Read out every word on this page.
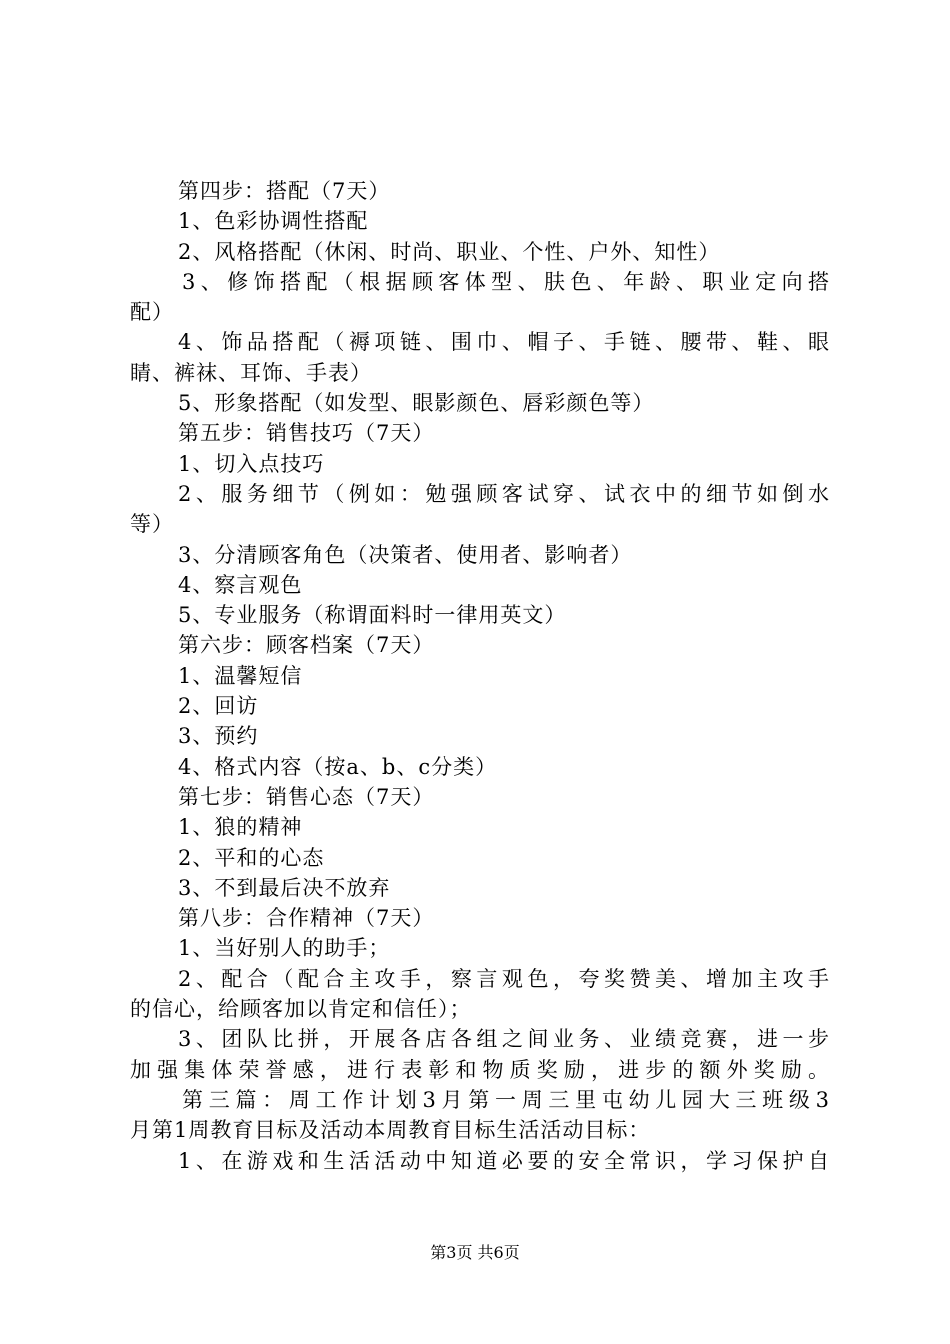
第四步：搭配（7天）
1、色彩协调性搭配
2、风格搭配（休闲、时尚、职业、个性、户外、知性）
3、修饰搭配（根据顾客体型、肤色、年龄、职业定向搭
配）
4、饰品搭配（褥项链、围巾、帽子、手链、腰带、鞋、眼
睛、裤袜、耳饰、手表）
5、形象搭配（如发型、眼影颜色、唇彩颜色等）
第五步：销售技巧（7天）
1、切入点技巧
2、服务细节（例如：勉强顾客试穿、试衣中的细节如倒水
等）
3、分清顾客角色（决策者、使用者、影响者）
4、察言观色
5、专业服务（称谓面料时一律用英文）
第六步：顾客档案（7天）
1、温馨短信
2、回访
3、预约
4、格式内容（按a、b、c分类）
第七步：销售心态（7天）
1、狼的精神
2、平和的心态
3、不到最后决不放弃
第八步：合作精神（7天）
1、当好别人的助手；
2、配合（配合主攻手，察言观色，夸奖赞美、增加主攻手
的信心，给顾客加以肯定和信任）；
3、团队比拼，开展各店各组之间业务、业绩竞赛，进一步
加强集体荣誉感，进行表彰和物质奖励，进步的额外奖励。
第三篇：周工作计划3月第一周三里屯幼儿园大三班级3
月第1周教育目标及活动本周教育目标生活活动目标：
1、在游戏和生活活动中知道必要的安全常识，学习保护自
第3页 共6页
